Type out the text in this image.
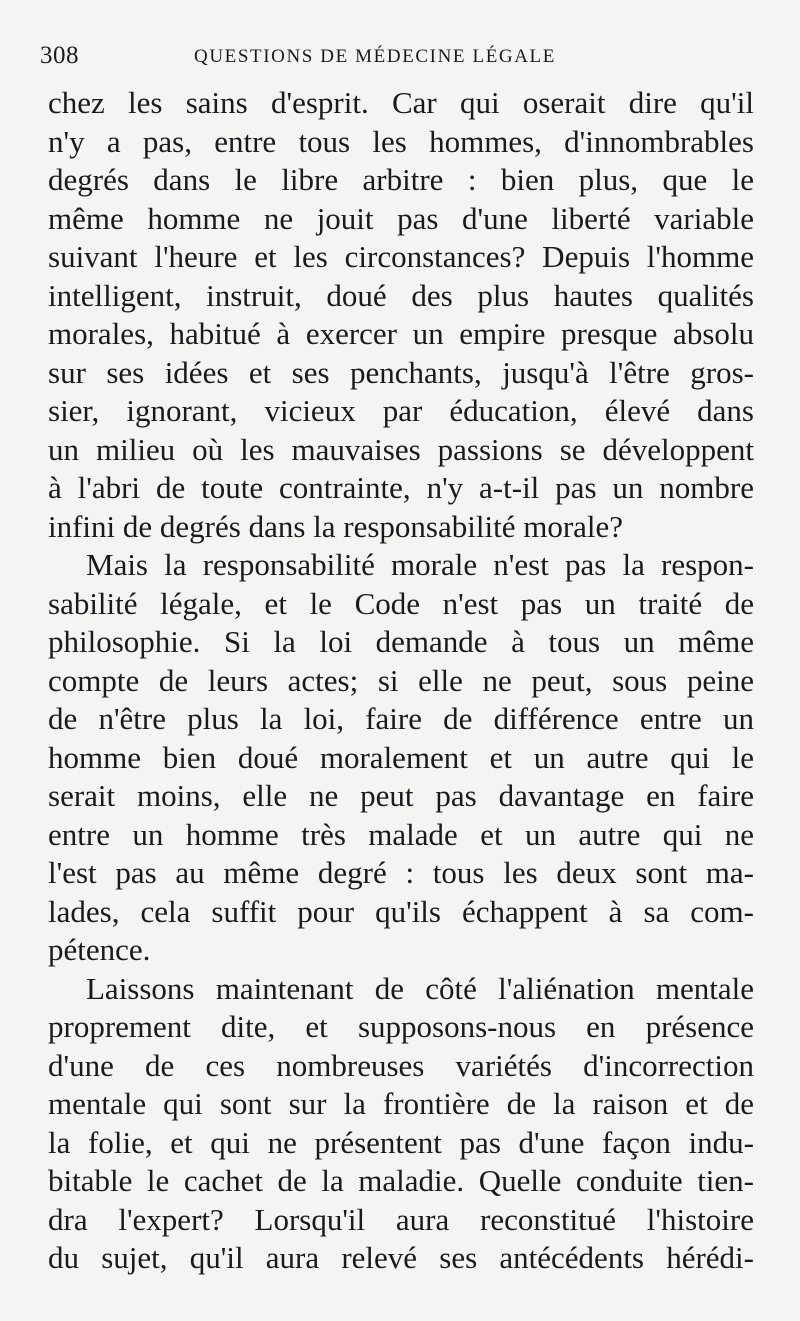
308	QUESTIONS DE MÉDECINE LÉGALE
chez les sains d'esprit. Car qui oserait dire qu'il
n'y a pas, entre tous les hommes, d'innombrables
degrés dans le libre arbitre : bien plus, que le
même homme ne jouit pas d'une liberté variable
suivant l'heure et les circonstances? Depuis l'homme
intelligent, instruit, doué des plus hautes qualités
morales, habitué à exercer un empire presque absolu
sur ses idées et ses penchants, jusqu'à l'être gros-
sier, ignorant, vicieux par éducation, élevé dans
un milieu où les mauvaises passions se développent
à l'abri de toute contrainte, n'y a-t-il pas un nombre
infini de degrés dans la responsabilité morale?
Mais la responsabilité morale n'est pas la respon-
sabilité légale, et le Code n'est pas un traité de
philosophie. Si la loi demande à tous un même
compte de leurs actes; si elle ne peut, sous peine
de n'être plus la loi, faire de différence entre un
homme bien doué moralement et un autre qui le
serait moins, elle ne peut pas davantage en faire
entre un homme très malade et un autre qui ne
l'est pas au même degré : tous les deux sont ma-
lades, cela suffit pour qu'ils échappent à sa com-
pétence.
Laissons maintenant de côté l'aliénation mentale
proprement dite, et supposons-nous en présence
d'une de ces nombreuses variétés d'incorrection
mentale qui sont sur la frontière de la raison et de
la folie, et qui ne présentent pas d'une façon indu-
bitable le cachet de la maladie. Quelle conduite tien-
dra l'expert? Lorsqu'il aura reconstitué l'histoire
du sujet, qu'il aura relevé ses antécédents hérédi-
